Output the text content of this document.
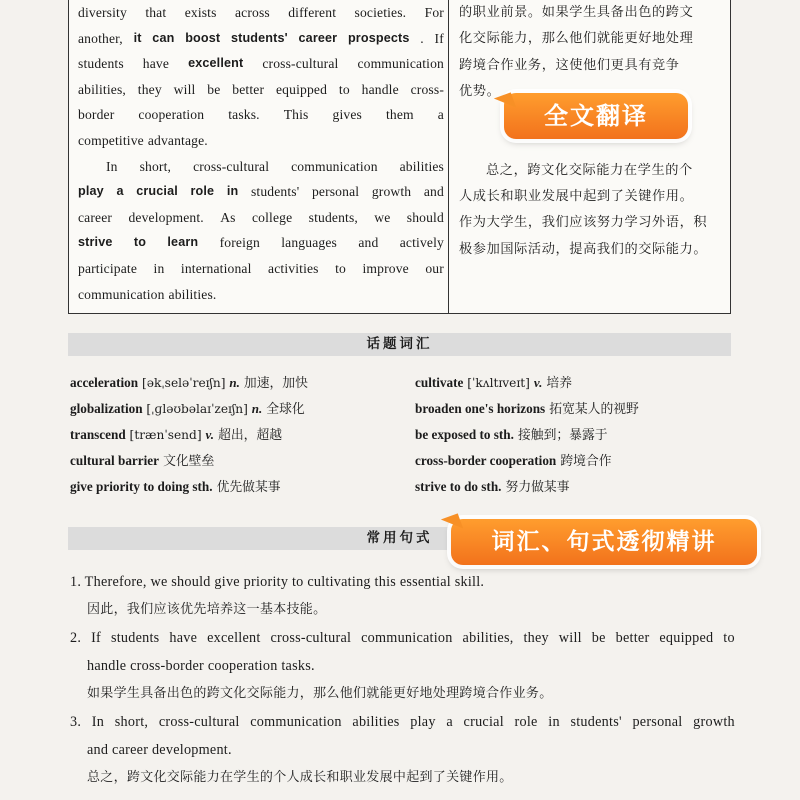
diversity that exists across different societies. For
another, it can boost students' career prospects . If
students have excellent cross-cultural communication
abilities, they will be better equipped to handle cross-
border cooperation tasks. This gives them a
competitive advantage.
In short, cross-cultural communication abilities
play a crucial role in students' personal growth and
career development. As college students, we should
strive to learn foreign languages and actively
participate in international activities to improve our
communication abilities.
的职业前景。如果学生具备出色的跨文
化交际能力，那么他们就能更好地处理
跨境合作业务，这使他们更具有竞争
优势。

总之，跨文化交际能力在学生的个
人成长和职业发展中起到了关键作用。
作为大学生，我们应该努力学习外语，积
极参加国际活动，提高我们的交际能力。
全文翻译
话题词汇
acceleration [əkˌseləˈreɪʃn] n. 加速，加快
globalization [ˌɡləʊbəlaɪˈzeɪʃn] n. 全球化
transcend [trænˈsend] v. 超出，超越
cultural barrier 文化壁垒
give priority to doing sth. 优先做某事
cultivate [ˈkʌltɪveɪt] v. 培养
broaden one's horizons 拓宽某人的视野
be exposed to sth. 接触到；暴露于
cross-border cooperation 跨境合作
strive to do sth. 努力做某事
常用句式	词汇、句式透彻精讲
1. Therefore, we should give priority to cultivating this essential skill.
因此，我们应该优先培养这一基本技能。
2. If students have excellent cross-cultural communication abilities, they will be better equipped to
handle cross-border cooperation tasks.
如果学生具备出色的跨文化交际能力，那么他们就能更好地处理跨境合作业务。
3. In short, cross-cultural communication abilities play a crucial role in students' personal growth
and career development.
总之，跨文化交际能力在学生的个人成长和职业发展中起到了关键作用。
